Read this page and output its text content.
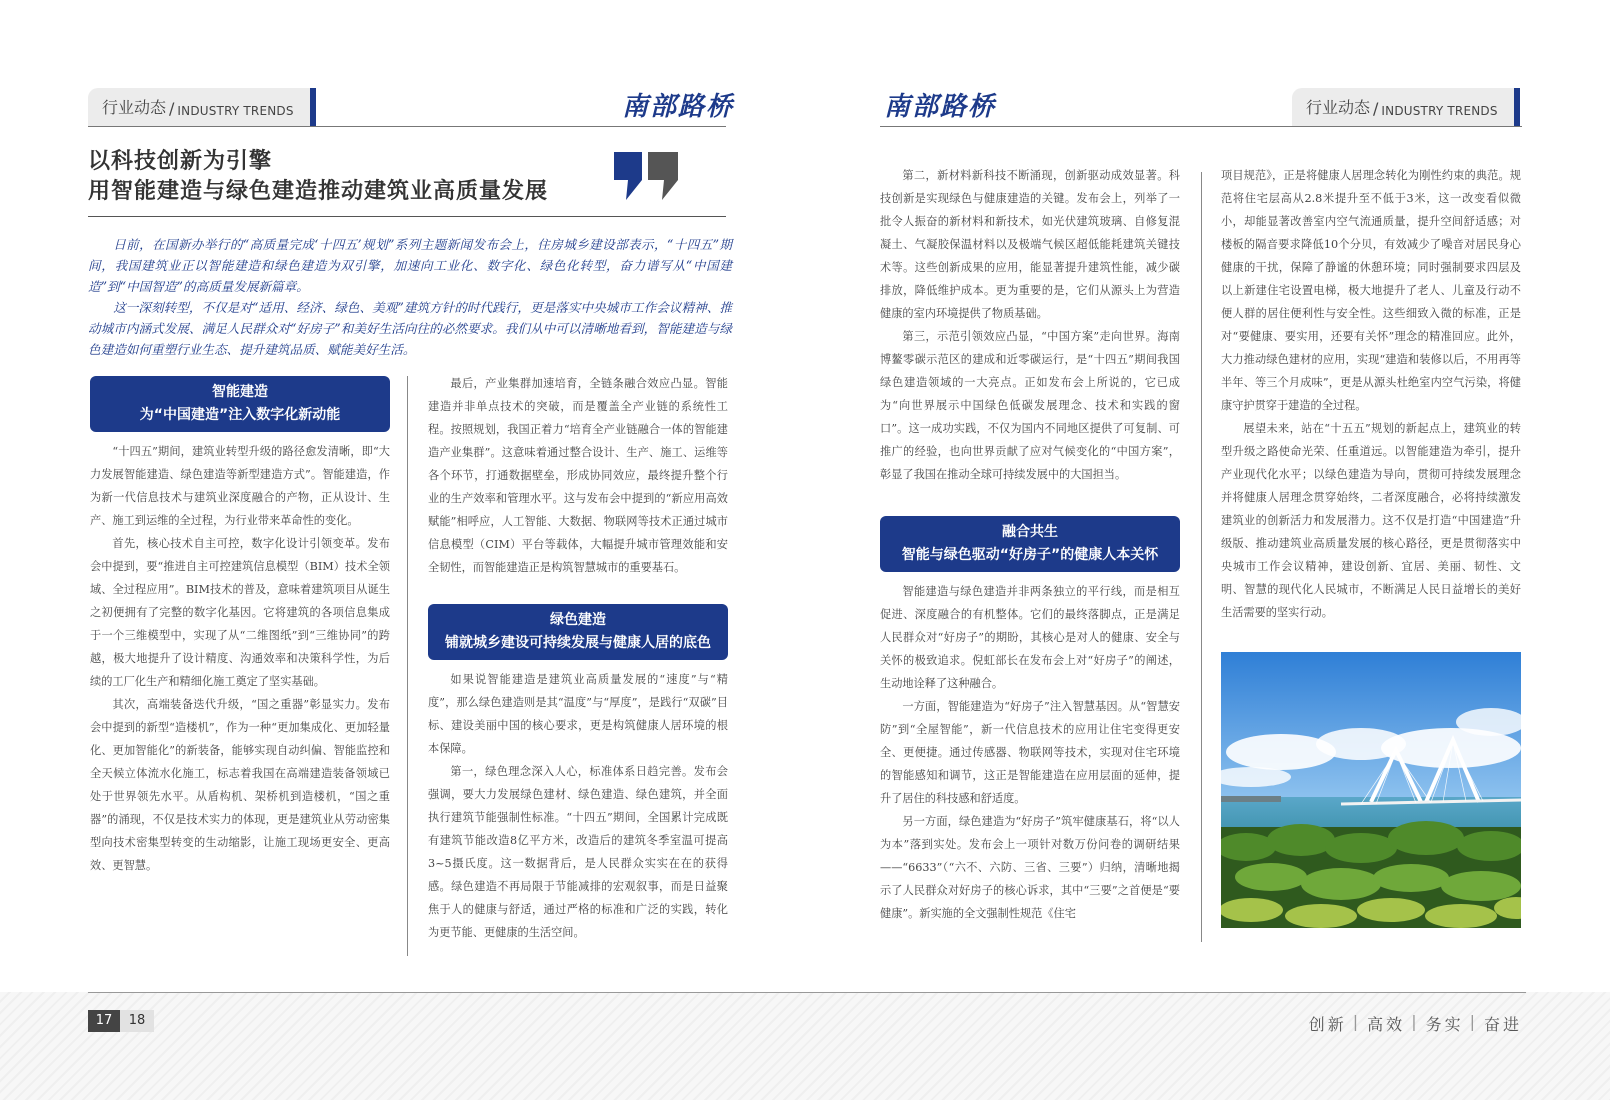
行业动态 / INDUSTRY TRENDS	南部路桥	南部路桥	行业动态 / INDUSTRY TRENDS
以科技创新为引擎
用智能建造与绿色建造推动建筑业高质量发展

日前，在国新办举行的“高质量完成‘十四五’规划”系列主题新闻发布会上，住房城乡建设部表示，“十四五”期间，我国建筑业正以智能建造和绿色建造为双引擎，加速向工业化、数字化、绿色化转型，奋力谱写从“中国建造”到“中国智造”的高质量发展新篇章。

这一深刻转型，不仅是对“适用、经济、绿色、美观”建筑方针的时代践行，更是落实中央城市工作会议精神、推动城市内涵式发展、满足人民群众对“好房子”和美好生活向往的必然要求。我们从中可以清晰地看到，智能建造与绿色建造如何重塑行业生态、提升建筑品质、赋能美好生活。

智能建造
为“中国建造”注入数字化新动能

“十四五”期间，建筑业转型升级的路径愈发清晰，即“大力发展智能建造、绿色建造等新型建造方式”。智能建造，作为新一代信息技术与建筑业深度融合的产物，正从设计、生产、施工到运维的全过程，为行业带来革命性的变化。

首先，核心技术自主可控，数字化设计引领变革。发布会中提到，要“推进自主可控建筑信息模型（BIM）技术全领域、全过程应用”。BIM技术的普及，意味着建筑项目从诞生之初便拥有了完整的数字化基因。它将建筑的各项信息集成于一个三维模型中，实现了从“二维图纸”到“三维协同”的跨越，极大地提升了设计精度、沟通效率和决策科学性，为后续的工厂化生产和精细化施工奠定了坚实基础。

其次，高端装备迭代升级，“国之重器”彰显实力。发布会中提到的新型“造楼机”，作为一种“更加集成化、更加轻量化、更加智能化”的新装备，能够实现自动纠偏、智能监控和全天候立体流水化施工，标志着我国在高端建造装备领域已处于世界领先水平。从盾构机、架桥机到造楼机，“国之重器”的涌现，不仅是技术实力的体现，更是建筑业从劳动密集型向技术密集型转变的生动缩影，让施工现场更安全、更高效、更智慧。

最后，产业集群加速培育，全链条融合效应凸显。智能建造并非单点技术的突破，而是覆盖全产业链的系统性工程。按照规划，我国正着力“培育全产业链融合一体的智能建造产业集群”。这意味着通过整合设计、生产、施工、运维等各个环节，打通数据壁垒，形成协同效应，最终提升整个行业的生产效率和管理水平。这与发布会中提到的“新应用高效赋能”相呼应，人工智能、大数据、物联网等技术正通过城市信息模型（CIM）平台等载体，大幅提升城市管理效能和安全韧性，而智能建造正是构筑智慧城市的重要基石。

绿色建造
铺就城乡建设可持续发展与健康人居的底色

如果说智能建造是建筑业高质量发展的“速度”与“精度”，那么绿色建造则是其“温度”与“厚度”，是践行“双碳”目标、建设美丽中国的核心要求，更是构筑健康人居环境的根本保障。

第一，绿色理念深入人心，标准体系日趋完善。发布会强调，要大力发展绿色建材、绿色建造、绿色建筑，并全面执行建筑节能强制性标准。“十四五”期间，全国累计完成既有建筑节能改造8亿平方米，改造后的建筑冬季室温可提高3~5摄氏度。这一数据背后，是人民群众实实在在的获得感。绿色建造不再局限于节能减排的宏观叙事，而是日益聚焦于人的健康与舒适，通过严格的标准和广泛的实践，转化为更节能、更健康的生活空间。

第二，新材料新科技不断涌现，创新驱动成效显著。科技创新是实现绿色与健康建造的关键。发布会上，列举了一批令人振奋的新材料和新技术，如光伏建筑玻璃、自修复混凝土、气凝胶保温材料以及极端气候区超低能耗建筑关键技术等。这些创新成果的应用，能显著提升建筑性能，减少碳排放，降低维护成本。更为重要的是，它们从源头上为营造健康的室内环境提供了物质基础。

第三，示范引领效应凸显，“中国方案”走向世界。海南博鳌零碳示范区的建成和近零碳运行，是“十四五”期间我国绿色建造领域的一大亮点。正如发布会上所说的，它已成为“向世界展示中国绿色低碳发展理念、技术和实践的窗口”。这一成功实践，不仅为国内不同地区提供了可复制、可推广的经验，也向世界贡献了应对气候变化的“中国方案”，彰显了我国在推动全球可持续发展中的大国担当。

融合共生
智能与绿色驱动“好房子”的健康人本关怀

智能建造与绿色建造并非两条独立的平行线，而是相互促进、深度融合的有机整体。它们的最终落脚点，正是满足人民群众对“好房子”的期盼，其核心是对人的健康、安全与关怀的极致追求。倪虹部长在发布会上对“好房子”的阐述，生动地诠释了这种融合。

一方面，智能建造为“好房子”注入智慧基因。从“智慧安防”到“全屋智能”，新一代信息技术的应用让住宅变得更安全、更便捷。通过传感器、物联网等技术，实现对住宅环境的智能感知和调节，这正是智能建造在应用层面的延伸，提升了居住的科技感和舒适度。

另一方面，绿色建造为“好房子”筑牢健康基石，将“以人为本”落到实处。发布会上一项针对数万份问卷的调研结果——“6633”（“六不、六防、三省、三要”）归纳，清晰地揭示了人民群众对好房子的核心诉求，其中“三要”之首便是“要健康”。新实施的全文强制性规范《住宅

项目规范》，正是将健康人居理念转化为刚性约束的典范。规范将住宅层高从2.8米提升至不低于3米，这一改变看似微小，却能显著改善室内空气流通质量，提升空间舒适感；对楼板的隔音要求降低10个分贝，有效减少了噪音对居民身心健康的干扰，保障了静谧的休憩环境；同时强制要求四层及以上新建住宅设置电梯，极大地提升了老人、儿童及行动不便人群的居住便利性与安全性。这些细致入微的标准，正是对“要健康、要实用，还要有关怀”理念的精准回应。此外，大力推动绿色建材的应用，实现“建造和装修以后，不用再等半年、等三个月成味”，更是从源头杜绝室内空气污染，将健康守护贯穿于建造的全过程。

展望未来，站在“十五五”规划的新起点上，建筑业的转型升级之路使命光荣、任重道远。以智能建造为牵引，提升产业现代化水平；以绿色建造为导向，贯彻可持续发展理念并将健康人居理念贯穿始终，二者深度融合，必将持续激发建筑业的创新活力和发展潜力。这不仅是打造“中国建造”升级版、推动建筑业高质量发展的核心路径，更是贯彻落实中央城市工作会议精神，建设创新、宜居、美丽、韧性、文明、智慧的现代化人民城市，不断满足人民日益增长的美好生活需要的坚实行动。

17	18	创新 | 高效 | 务实 | 奋进
